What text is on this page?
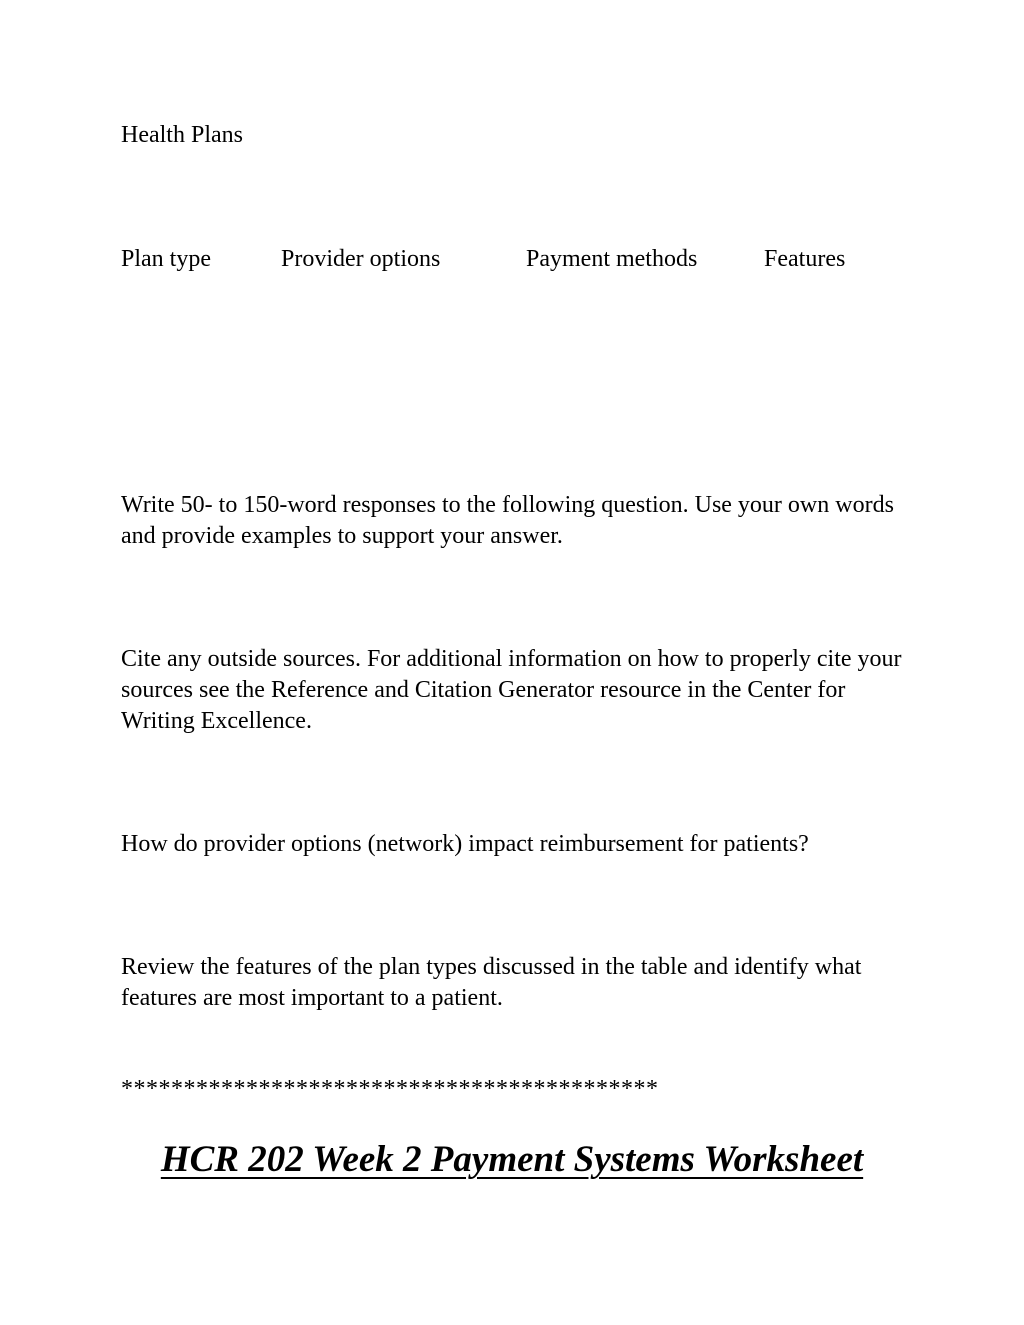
Health Plans
Plan type	Provider options	Payment methods	Features
Write 50- to 150-word responses to the following question. Use your own words and provide examples to support your answer.
Cite any outside sources. For additional information on how to properly cite your sources see the Reference and Citation Generator resource in the Center for Writing Excellence.
How do provider options (network) impact reimbursement for patients?
Review the features of the plan types discussed in the table and identify what features are most important to a patient.
*******************************************
HCR 202 Week 2 Payment Systems Worksheet
